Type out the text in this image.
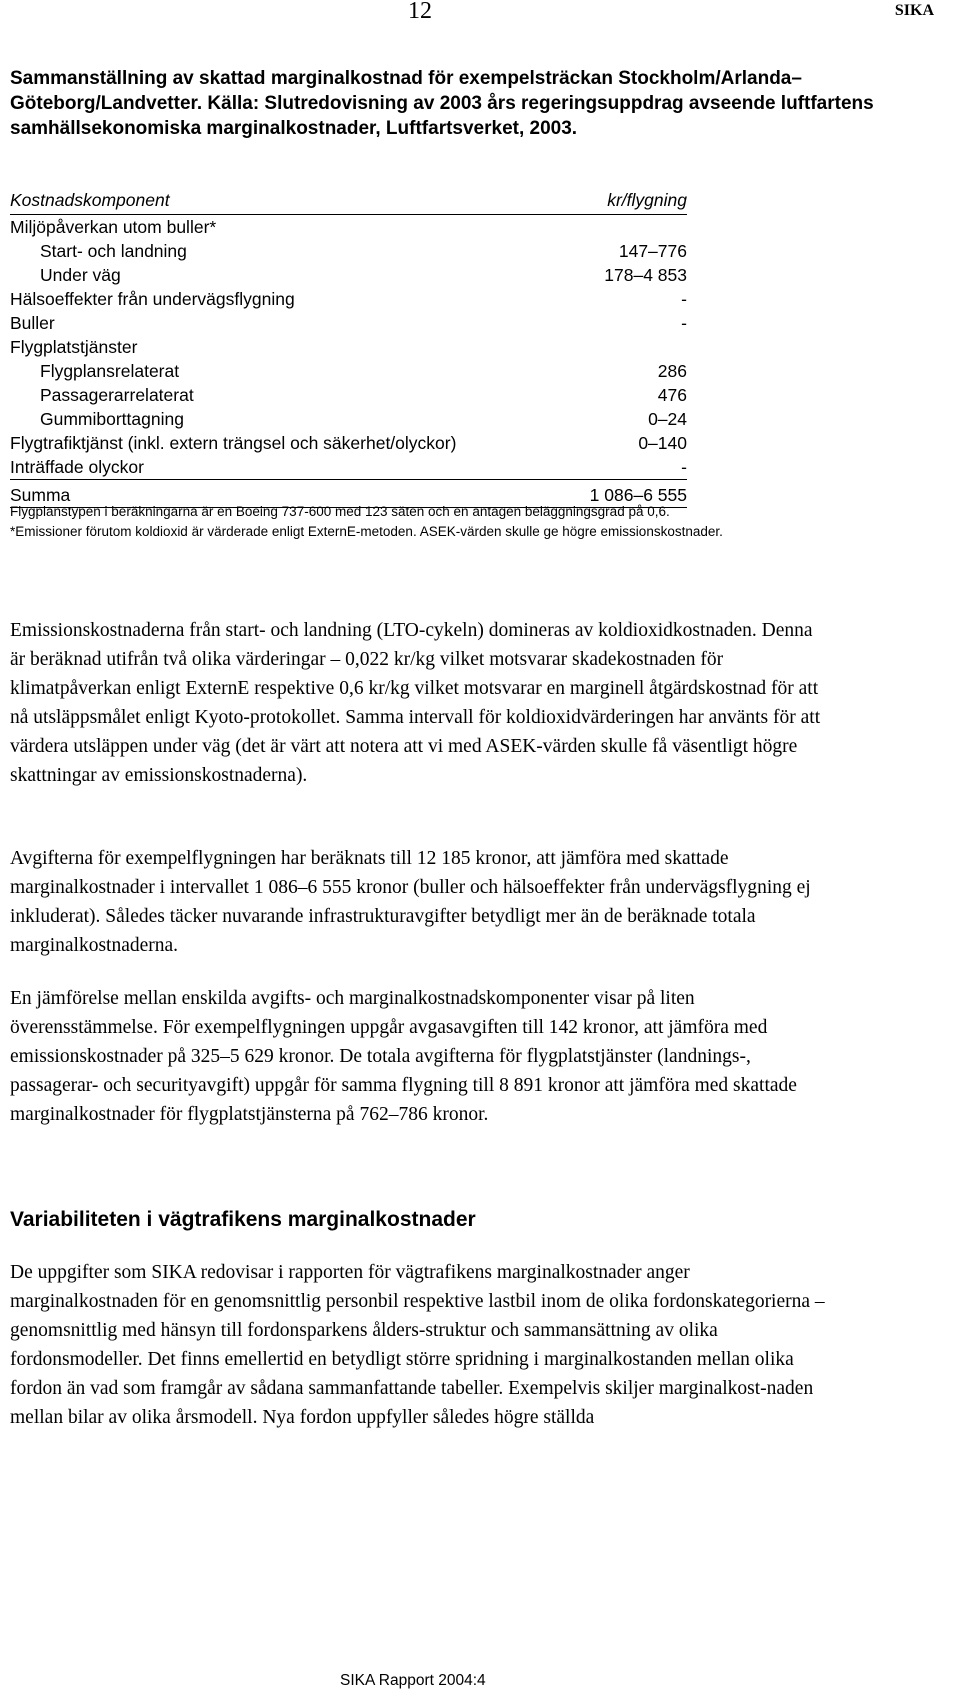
12	SIKA
Sammanställning av skattad marginalkostnad för exempelsträckan Stockholm/Arlanda–Göteborg/Landvetter. Källa: Slutredovisning av 2003 års regeringsuppdrag avseende luftfartens samhällsekonomiska marginalkostnader, Luftfartsverket, 2003.
Kostnadskomponent	kr/flygning
Miljöpåverkan utom buller*
Start- och landning	147–776
Under väg	178–4 853
Hälsoeffekter från undervägsflygning	-
Buller	-
Flygplatstjänster
Flygplansrelaterat	286
Passagerarrelaterat	476
Gummiborttagning	0–24
Flygtrafiktjänst (inkl. extern trängsel och säkerhet/olyckor)	0–140
Inträffade olyckor	-
Summa	1 086–6 555
Flygplanstypen i beräkningarna är en Boeing 737-600 med 123 säten och en antagen beläggningsgrad på 0,6.
*Emissioner förutom koldioxid är värderade enligt ExternE-metoden. ASEK-värden skulle ge högre emissionskostnader.
Emissionskostnaderna från start- och landning (LTO-cykeln) domineras av koldioxidkostnaden. Denna är beräknad utifrån två olika värderingar – 0,022 kr/kg vilket motsvarar skadekostnaden för klimatpåverkan enligt ExternE respektive 0,6 kr/kg vilket motsvarar en marginell åtgärdskostnad för att nå utsläppsmålet enligt Kyoto-protokollet. Samma intervall för koldioxidvärderingen har använts för att värdera utsläppen under väg (det är värt att notera att vi med ASEK-värden skulle få väsentligt högre skattningar av emissionskostnaderna).
Avgifterna för exempelflygningen har beräknats till 12 185 kronor, att jämföra med skattade marginalkostnader i intervallet 1 086–6 555 kronor (buller och hälsoeffekter från undervägsflygning ej inkluderat). Således täcker nuvarande infrastrukturavgifter betydligt mer än de beräknade totala marginalkostnaderna.
En jämförelse mellan enskilda avgifts- och marginalkostnadskomponenter visar på liten överensstämmelse. För exempelflygningen uppgår avgasavgiften till 142 kronor, att jämföra med emissionskostnader på 325–5 629 kronor. De totala avgifterna för flygplatstjänster (landnings-, passagerar- och securityavgift) uppgår för samma flygning till 8 891 kronor att jämföra med skattade marginalkostnader för flygplatstjänsterna på 762–786 kronor.
Variabiliteten i vägtrafikens marginalkostnader
De uppgifter som SIKA redovisar i rapporten för vägtrafikens marginalkostnader anger marginalkostnaden för en genomsnittlig personbil respektive lastbil inom de olika fordonskategorierna – genomsnittlig med hänsyn till fordonsparkens ålders-struktur och sammansättning av olika fordonsmodeller. Det finns emellertid en betydligt större spridning i marginalkostanden mellan olika fordon än vad som framgår av sådana sammanfattande tabeller. Exempelvis skiljer marginalkost-naden mellan bilar av olika årsmodell. Nya fordon uppfyller således högre ställda
SIKA Rapport 2004:4
